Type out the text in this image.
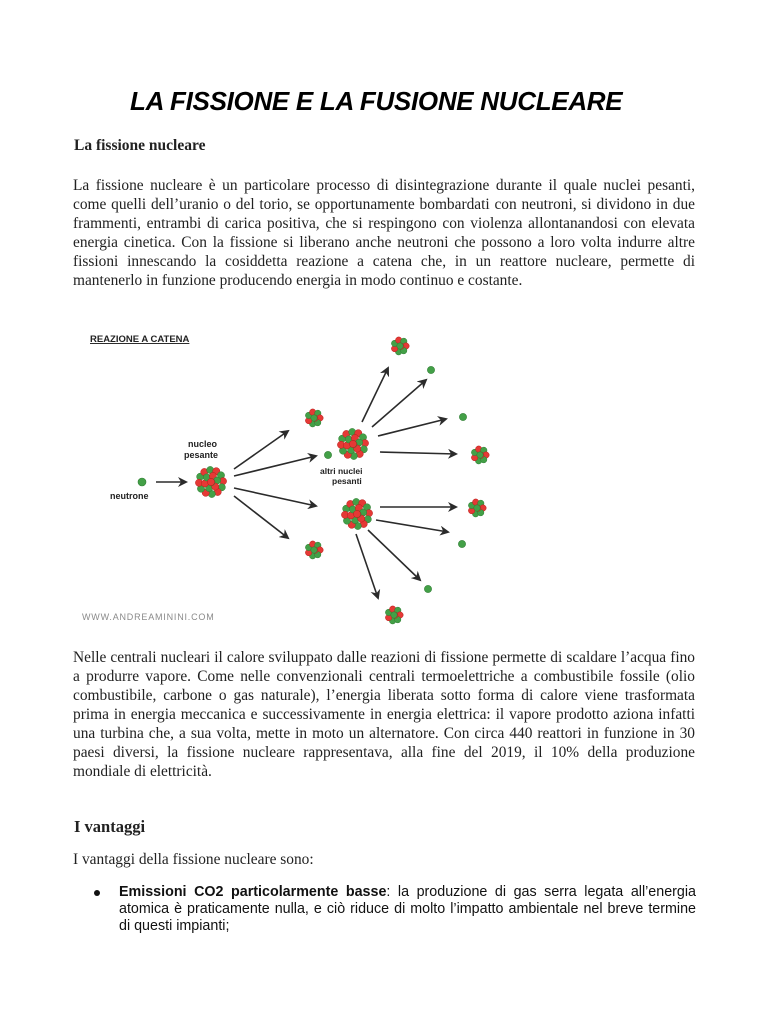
LA FISSIONE E LA FUSIONE NUCLEARE
La fissione nucleare

La fissione nucleare è un particolare processo di disintegrazione durante il quale nuclei pesanti, come quelli dell’uranio o del torio, se opportunamente bombardati con neutroni, si dividono in due frammenti, entrambi di carica positiva, che si respingono con violenza allontanandosi con elevata energia cinetica. Con la fissione si liberano anche neutroni che possono a loro volta indurre altre fissioni innescando la cosiddetta reazione a catena che, in un reattore nucleare, permette di mantenerlo in funzione producendo energia in modo continuo e costante.

REAZIONE A CATENA
neutrone
nucleo
pesante
altri nuclei
pesanti
WWW.ANDREAMININI.COM

Nelle centrali nucleari il calore sviluppato dalle reazioni di fissione permette di scaldare l’acqua fino a produrre vapore. Come nelle convenzionali centrali termoelettriche a combustibile fossile (olio combustibile, carbone o gas naturale), l’energia liberata sotto forma di calore viene trasformata prima in energia meccanica e successivamente in energia elettrica: il vapore prodotto aziona infatti una turbina che, a sua volta, mette in moto un alternatore. Con circa 440 reattori in funzione in 30 paesi diversi, la fissione nucleare rappresentava, alla fine del 2019, il 10% della produzione mondiale di elettricità.

I vantaggi

I vantaggi della fissione nucleare sono:

Emissioni CO2 particolarmente basse: la produzione di gas serra legata all’energia atomica è praticamente nulla, e ciò riduce di molto l’impatto ambientale nel breve termine di questi impianti;
